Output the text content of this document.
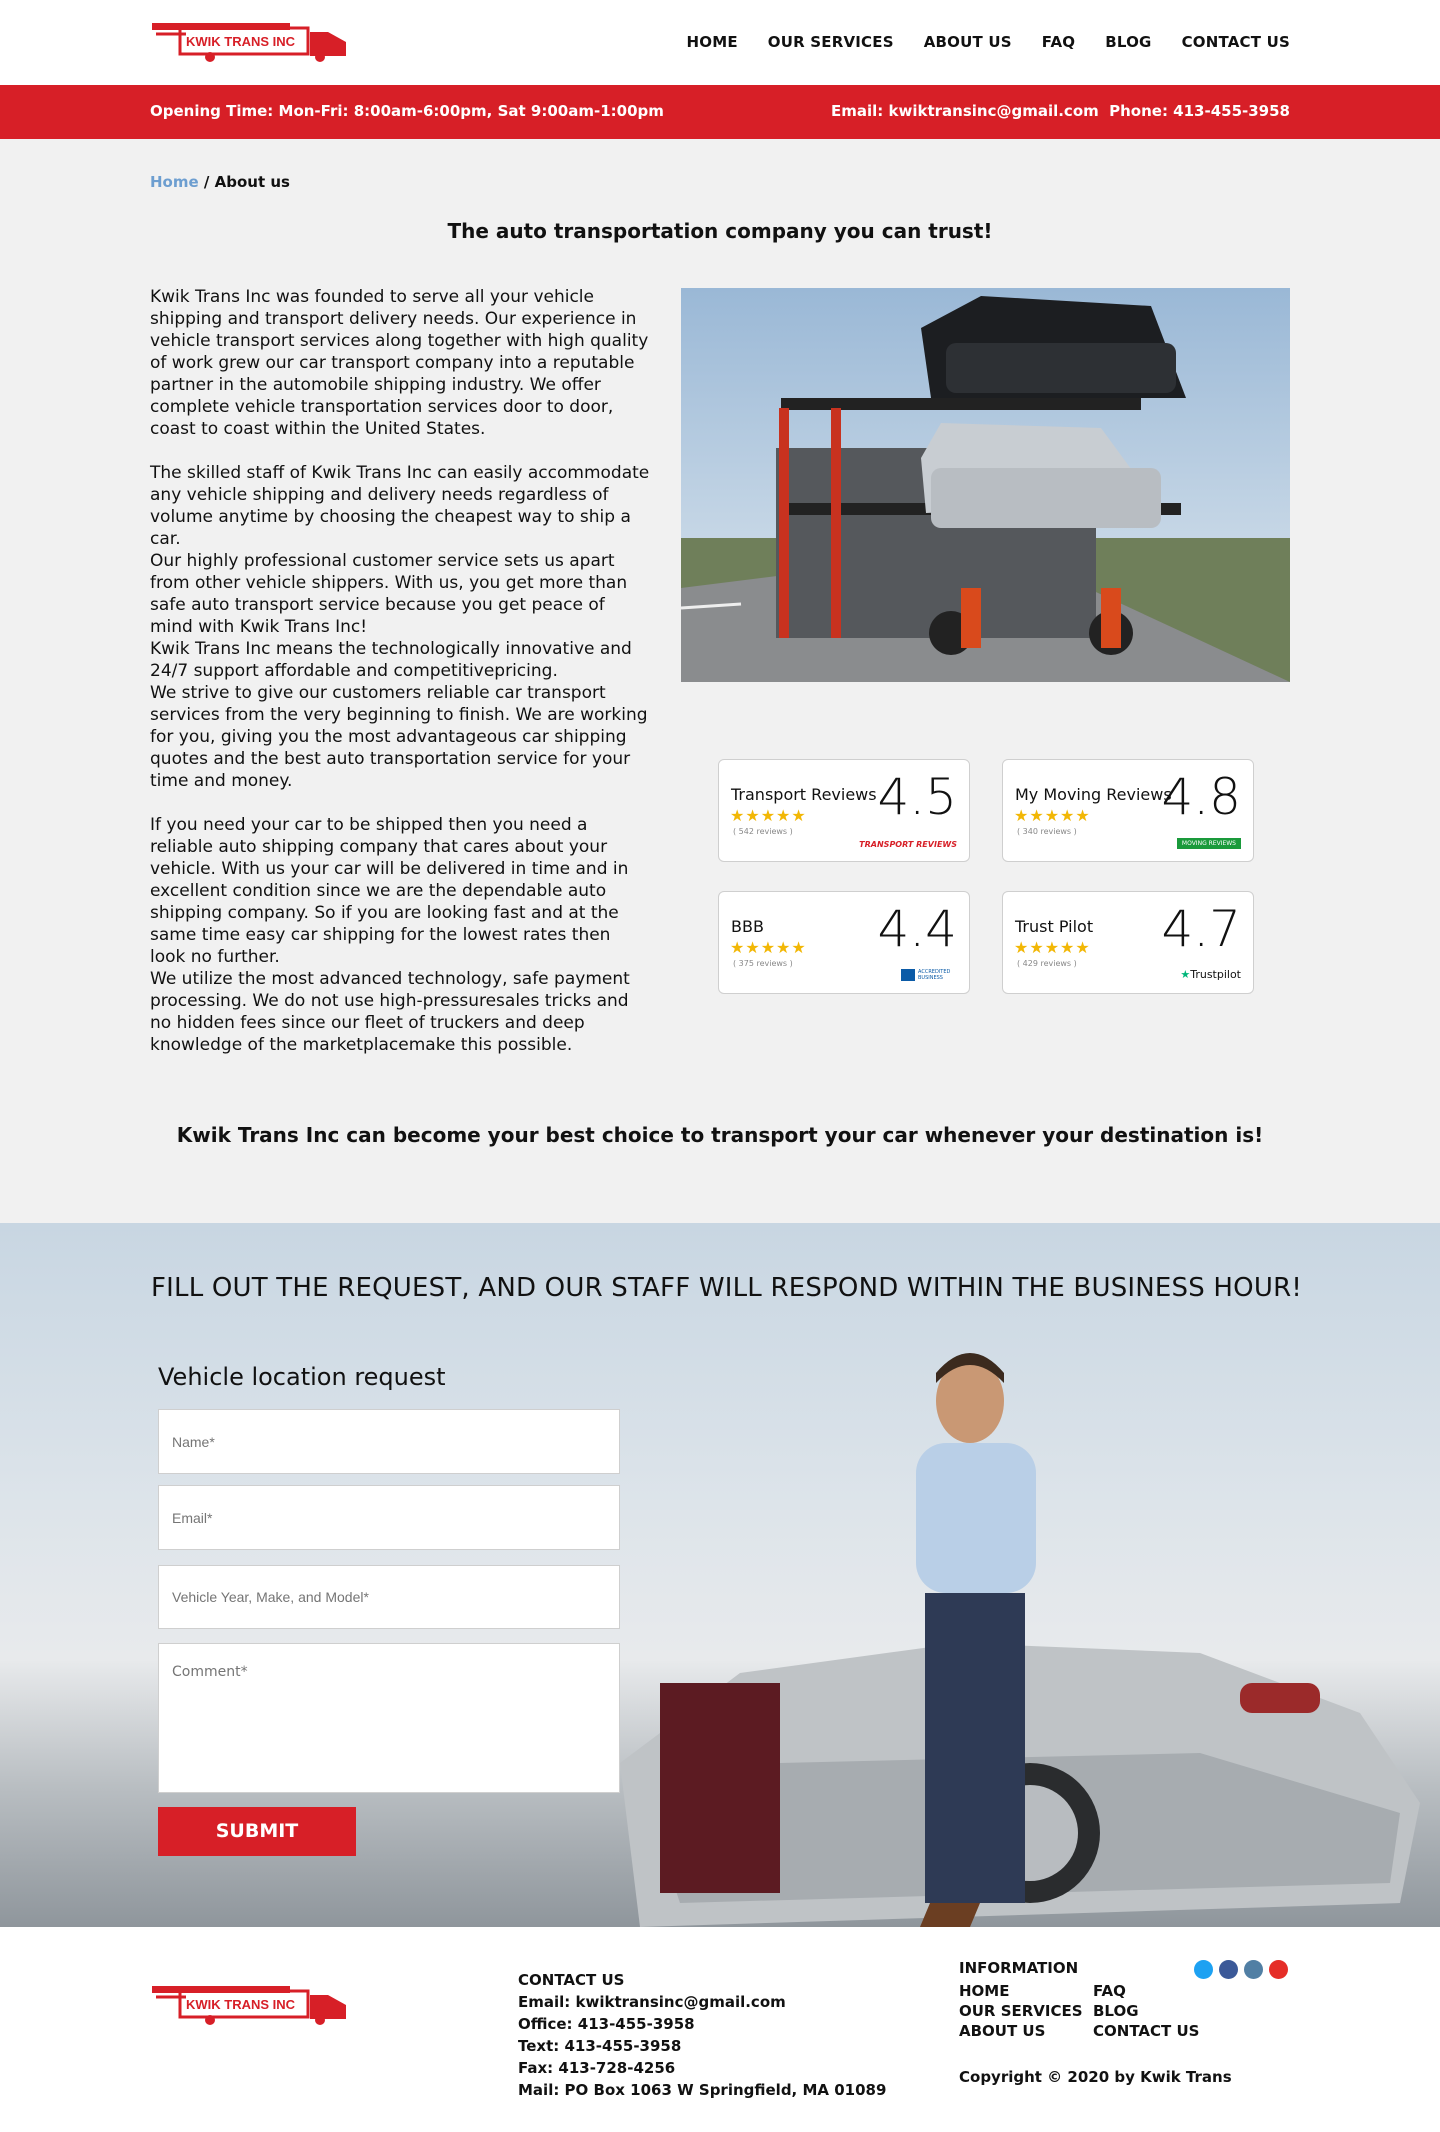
KWIK TRANS INC	HOME OUR SERVICES ABOUT US FAQ BLOG CONTACT US
Opening Time: Mon-Fri: 8:00am-6:00pm, Sat 9:00am-1:00pm	Email: kwiktransinc@gmail.com Phone: 413-455-3958
Home / About us
The auto transportation company you can trust!

Kwik Trans Inc was founded to serve all your vehicle shipping and transport delivery needs. Our experience in vehicle transport services along together with high quality of work grew our car transport company into a reputable partner in the automobile shipping industry. We offer complete vehicle transportation services door to door, coast to coast within the United States.

The skilled staff of Kwik Trans Inc can easily accommodate any vehicle shipping and delivery needs regardless of volume anytime by choosing the cheapest way to ship a car.

Our highly professional customer service sets us apart from other vehicle shippers. With us, you get more than safe auto transport service because you get peace of mind with Kwik Trans Inc!

Kwik Trans Inc means the technologically innovative and 24/7 support affordable and competitivepricing.

We strive to give our customers reliable car transport services from the very beginning to finish. We are working for you, giving you the most advantageous car shipping quotes and the best auto transportation service for your time and money.

If you need your car to be shipped then you need a reliable auto shipping company that cares about your vehicle. With us your car will be delivered in time and in excellent condition since we are the dependable auto shipping company. So if you are looking fast and at the same time easy car shipping for the lowest rates then look no further.

We utilize the most advanced technology, safe payment processing. We do not use high-pressuresales tricks and no hidden fees since our fleet of truckers and deep knowledge of the marketplacemake this possible.

Transport Reviews
★★★★★
( 542 reviews )
4.5
TRANSPORT REVIEWS
My Moving Reviews
★★★★★
( 340 reviews )
4.8
MOVING REVIEWS
BBB
★★★★★
( 375 reviews )
4.4
ACCREDITED BUSINESS
Trust Pilot
★★★★★
( 429 reviews )
4.7
★Trustpilot
Kwik Trans Inc can become your best choice to transport your car whenever your destination is!
FILL OUT THE REQUEST, AND OUR STAFF WILL RESPOND WITHIN THE BUSINESS HOUR!
Vehicle location request
Name*
Email*
Vehicle Year, Make, and Model*
Comment*
SUBMIT
KWIK TRANS INC
CONTACT US
Email: kwiktransinc@gmail.com
Office: 413-455-3958
Text: 413-455-3958
Fax: 413-728-4256
Mail: PO Box 1063 W Springfield, MA 01089
INFORMATION
HOME	FAQ
OUR SERVICES BLOG
ABOUT US	CONTACT US
Copyright © 2020 by Kwik Trans
